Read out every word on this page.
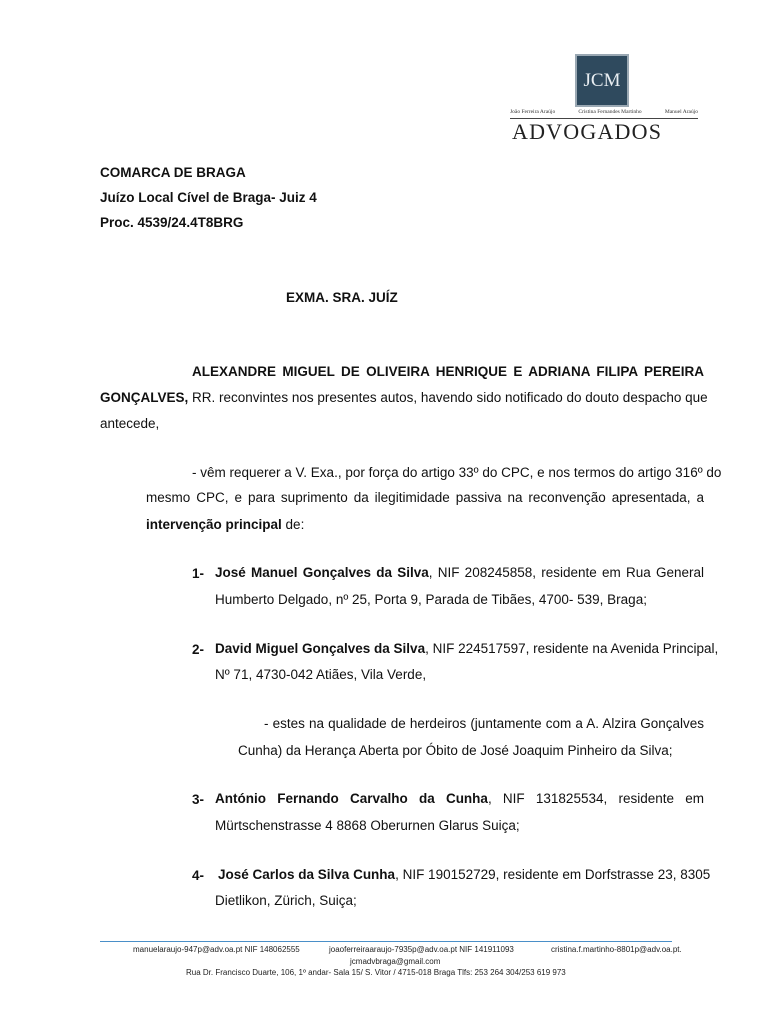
JCM
João Ferreira Araújo	Cristina Fernandes Martinho	Manuel Araújo
ADVOGADOS
COMARCA DE BRAGA
Juízo Local Cível de Braga- Juiz 4
Proc. 4539/24.4T8BRG
EXMA. SRA. JUÍZ
ALEXANDRE MIGUEL DE OLIVEIRA HENRIQUE E ADRIANA FILIPA PEREIRA
GONÇALVES, RR. reconvintes nos presentes autos, havendo sido notificado do douto despacho que
antecede,
- vêm requerer a V. Exa., por força do artigo 33º do CPC, e nos termos do artigo 316º do
mesmo CPC, e para suprimento da ilegitimidade passiva na reconvenção apresentada, a
intervenção principal de:
1- José Manuel Gonçalves da Silva, NIF 208245858, residente em Rua General
Humberto Delgado, nº 25, Porta 9, Parada de Tibães, 4700- 539, Braga;
2- David Miguel Gonçalves da Silva, NIF 224517597, residente na Avenida Principal,
Nº 71, 4730-042 Atiães, Vila Verde,
- estes na qualidade de herdeiros (juntamente com a A. Alzira Gonçalves
Cunha) da Herança Aberta por Óbito de José Joaquim Pinheiro da Silva;
3- António Fernando Carvalho da Cunha, NIF 131825534, residente em
Mürtschenstrasse 4 8868 Oberurnen Glarus Suiça;
4- José Carlos da Silva Cunha, NIF 190152729, residente em Dorfstrasse 23, 8305
Dietlikon, Zürich, Suiça;
manuelaraujo-947p@adv.oa.pt NIF 148062555	joaoferreiraaraujo-7935p@adv.oa.pt NIF 141911093	cristina.f.martinho-8801p@adv.oa.pt.
jcmadvbraga@gmail.com
Rua Dr. Francisco Duarte, 106, 1º andar- Sala 15/ S. Vitor / 4715-018 Braga Tlfs: 253 264 304/253 619 973
